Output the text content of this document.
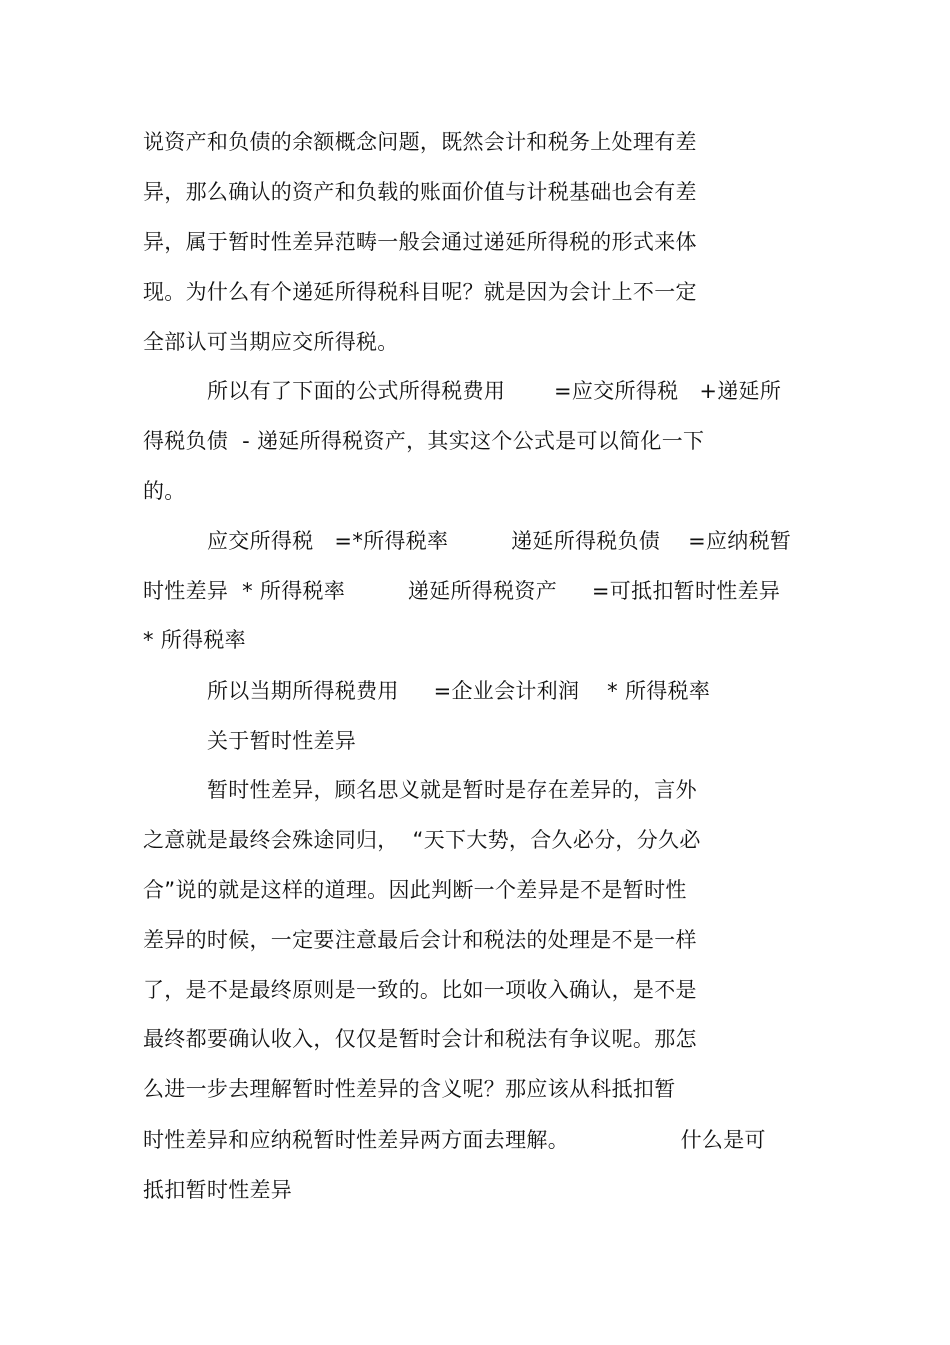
说资产和负债的余额概念问题，既然会计和税务上处理有差
异，那么确认的资产和负载的账面价值与计税基础也会有差
异，属于暂时性差异范畴一般会通过递延所得税的形式来体
现。为什么有个递延所得税科目呢？就是因为会计上不一定
全部认可当期应交所得税。
所以有了下面的公式所得税费用       =应交所得税   +递延所
得税负债  - 递延所得税资产，其实这个公式是可以简化一下
的。
应交所得税   =*所得税率         递延所得税负债    =应纳税暂
时性差异  * 所得税率         递延所得税资产     =可抵扣暂时性差异
* 所得税率
所以当期所得税费用     =企业会计利润    * 所得税率
关于暂时性差异
暂时性差异，顾名思义就是暂时是存在差异的，言外
之意就是最终会殊途同归，  “天下大势，合久必分，分久必
合”说的就是这样的道理。因此判断一个差异是不是暂时性
差异的时候，一定要注意最后会计和税法的处理是不是一样
了，是不是最终原则是一致的。比如一项收入确认，是不是
最终都要确认收入，仅仅是暂时会计和税法有争议呢。那怎
么进一步去理解暂时性差异的含义呢？那应该从科抵扣暂
时性差异和应纳税暂时性差异两方面去理解。                什么是可
抵扣暂时性差异
